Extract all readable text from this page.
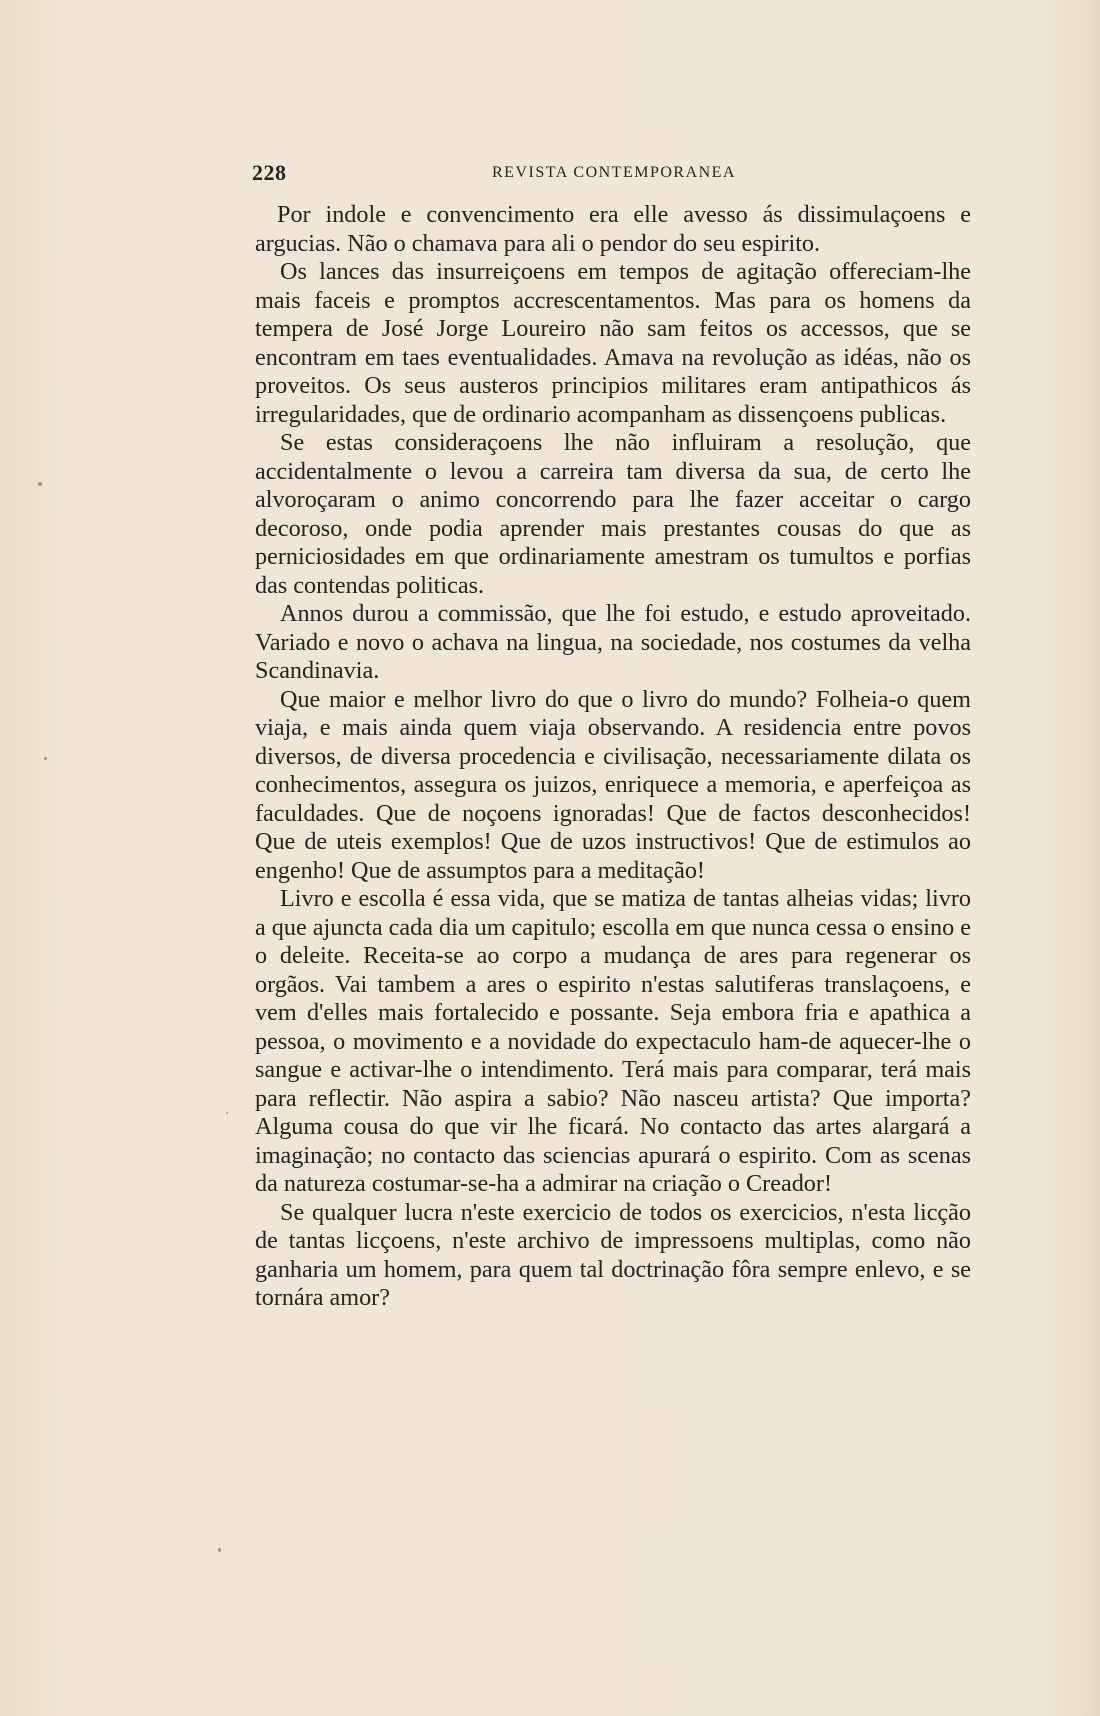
228	REVISTA CONTEMPORANEA

Por indole e convencimento era elle avesso ás dissimulaçoens e argucias. Não o chamava para ali o pendor do seu espirito.

Os lances das insurreiçoens em tempos de agitação offereciam-lhe mais faceis e promptos accrescentamentos. Mas para os homens da tempera de José Jorge Loureiro não sam feitos os accessos, que se encontram em taes eventualidades. Amava na revolução as idéas, não os proveitos. Os seus austeros principios militares eram antipathicos ás irregularidades, que de ordinario acompanham as dissençoens publicas.

Se estas consideraçoens lhe não influiram a resolução, que accidentalmente o levou a carreira tam diversa da sua, de certo lhe alvoroçaram o animo concorrendo para lhe fazer acceitar o cargo decoroso, onde podia aprender mais prestantes cousas do que as perniciosidades em que ordinariamente amestram os tumultos e porfias das contendas politicas.

Annos durou a commissão, que lhe foi estudo, e estudo aproveitado. Variado e novo o achava na lingua, na sociedade, nos costumes da velha Scandinavia.

Que maior e melhor livro do que o livro do mundo? Folheia-o quem viaja, e mais ainda quem viaja observando. A residencia entre povos diversos, de diversa procedencia e civilisação, necessariamente dilata os conhecimentos, assegura os juizos, enriquece a memoria, e aperfeiçoa as faculdades. Que de noçoens ignoradas! Que de factos desconhecidos! Que de uteis exemplos! Que de uzos instructivos! Que de estimulos ao engenho! Que de assumptos para a meditação!

Livro e escolla é essa vida, que se matiza de tantas alheias vidas; livro a que ajuncta cada dia um capitulo; escolla em que nunca cessa o ensino e o deleite. Receita-se ao corpo a mudança de ares para regenerar os orgãos. Vai tambem a ares o espirito n'estas salutiferas translaçoens, e vem d'elles mais fortalecido e possante. Seja embora fria e apathica a pessoa, o movimento e a novidade do expectaculo ham-de aquecer-lhe o sangue e activar-lhe o intendimento. Terá mais para comparar, terá mais para reflectir. Não aspira a sabio? Não nasceu artista? Que importa? Alguma cousa do que vir lhe ficará. No contacto das artes alargará a imaginação; no contacto das sciencias apurará o espirito. Com as scenas da natureza costumar-se-ha a admirar na criação o Creador!

Se qualquer lucra n'este exercicio de todos os exercicios, n'esta licção de tantas licçoens, n'este archivo de impressoens multiplas, como não ganharia um homem, para quem tal doctrinação fôra sempre enlevo, e se tornára amor?
